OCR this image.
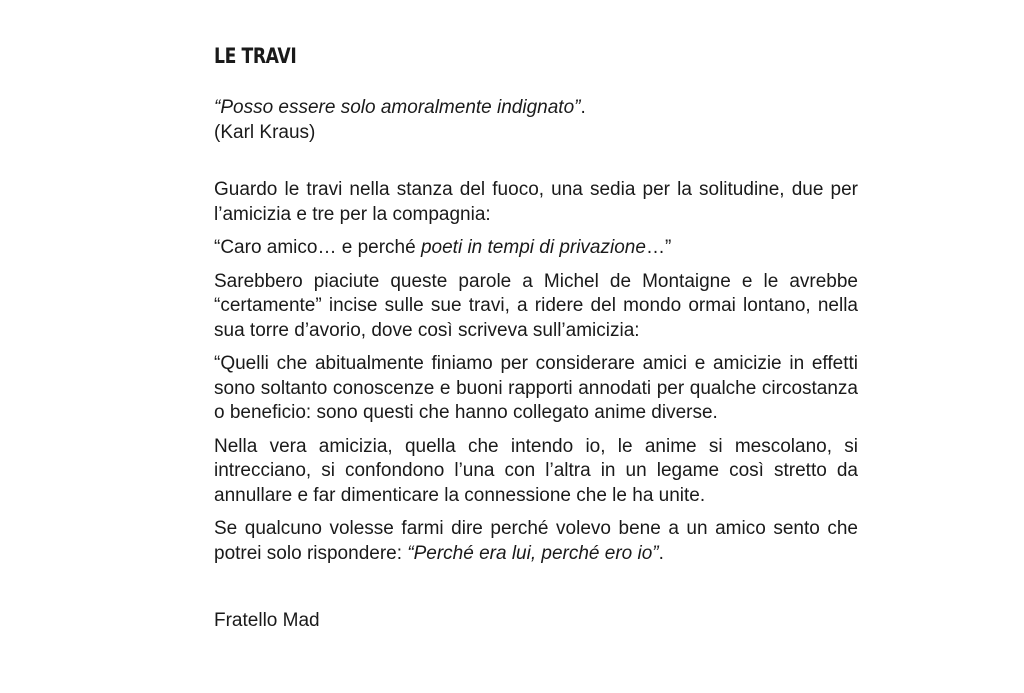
LE TRAVI
“Posso essere solo amoralmente indignato”.
(Karl Kraus)

Guardo le travi nella stanza del fuoco, una sedia per la solitudine, due per l’amicizia e tre per la compagnia:

“Caro amico… e perché poeti in tempi di privazione…”

Sarebbero piaciute queste parole a Michel de Montaigne e le avrebbe “certamente” incise sulle sue travi, a ridere del mondo ormai lontano, nella sua torre d’avorio, dove così scriveva sull’amicizia:

“Quelli che abitualmente finiamo per considerare amici e amicizie in effetti sono soltanto conoscenze e buoni rapporti annodati per qualche circostanza o beneficio: sono questi che hanno collegato anime diverse.

Nella vera amicizia, quella che intendo io, le anime si mescolano, si intrecciano, si confondono l’una con l’altra in un legame così stretto da annullare e far dimenticare la connessione che le ha unite.

Se qualcuno volesse farmi dire perché volevo bene a un amico sento che potrei solo rispondere: “Perché era lui, perché ero io”.

Fratello Mad
